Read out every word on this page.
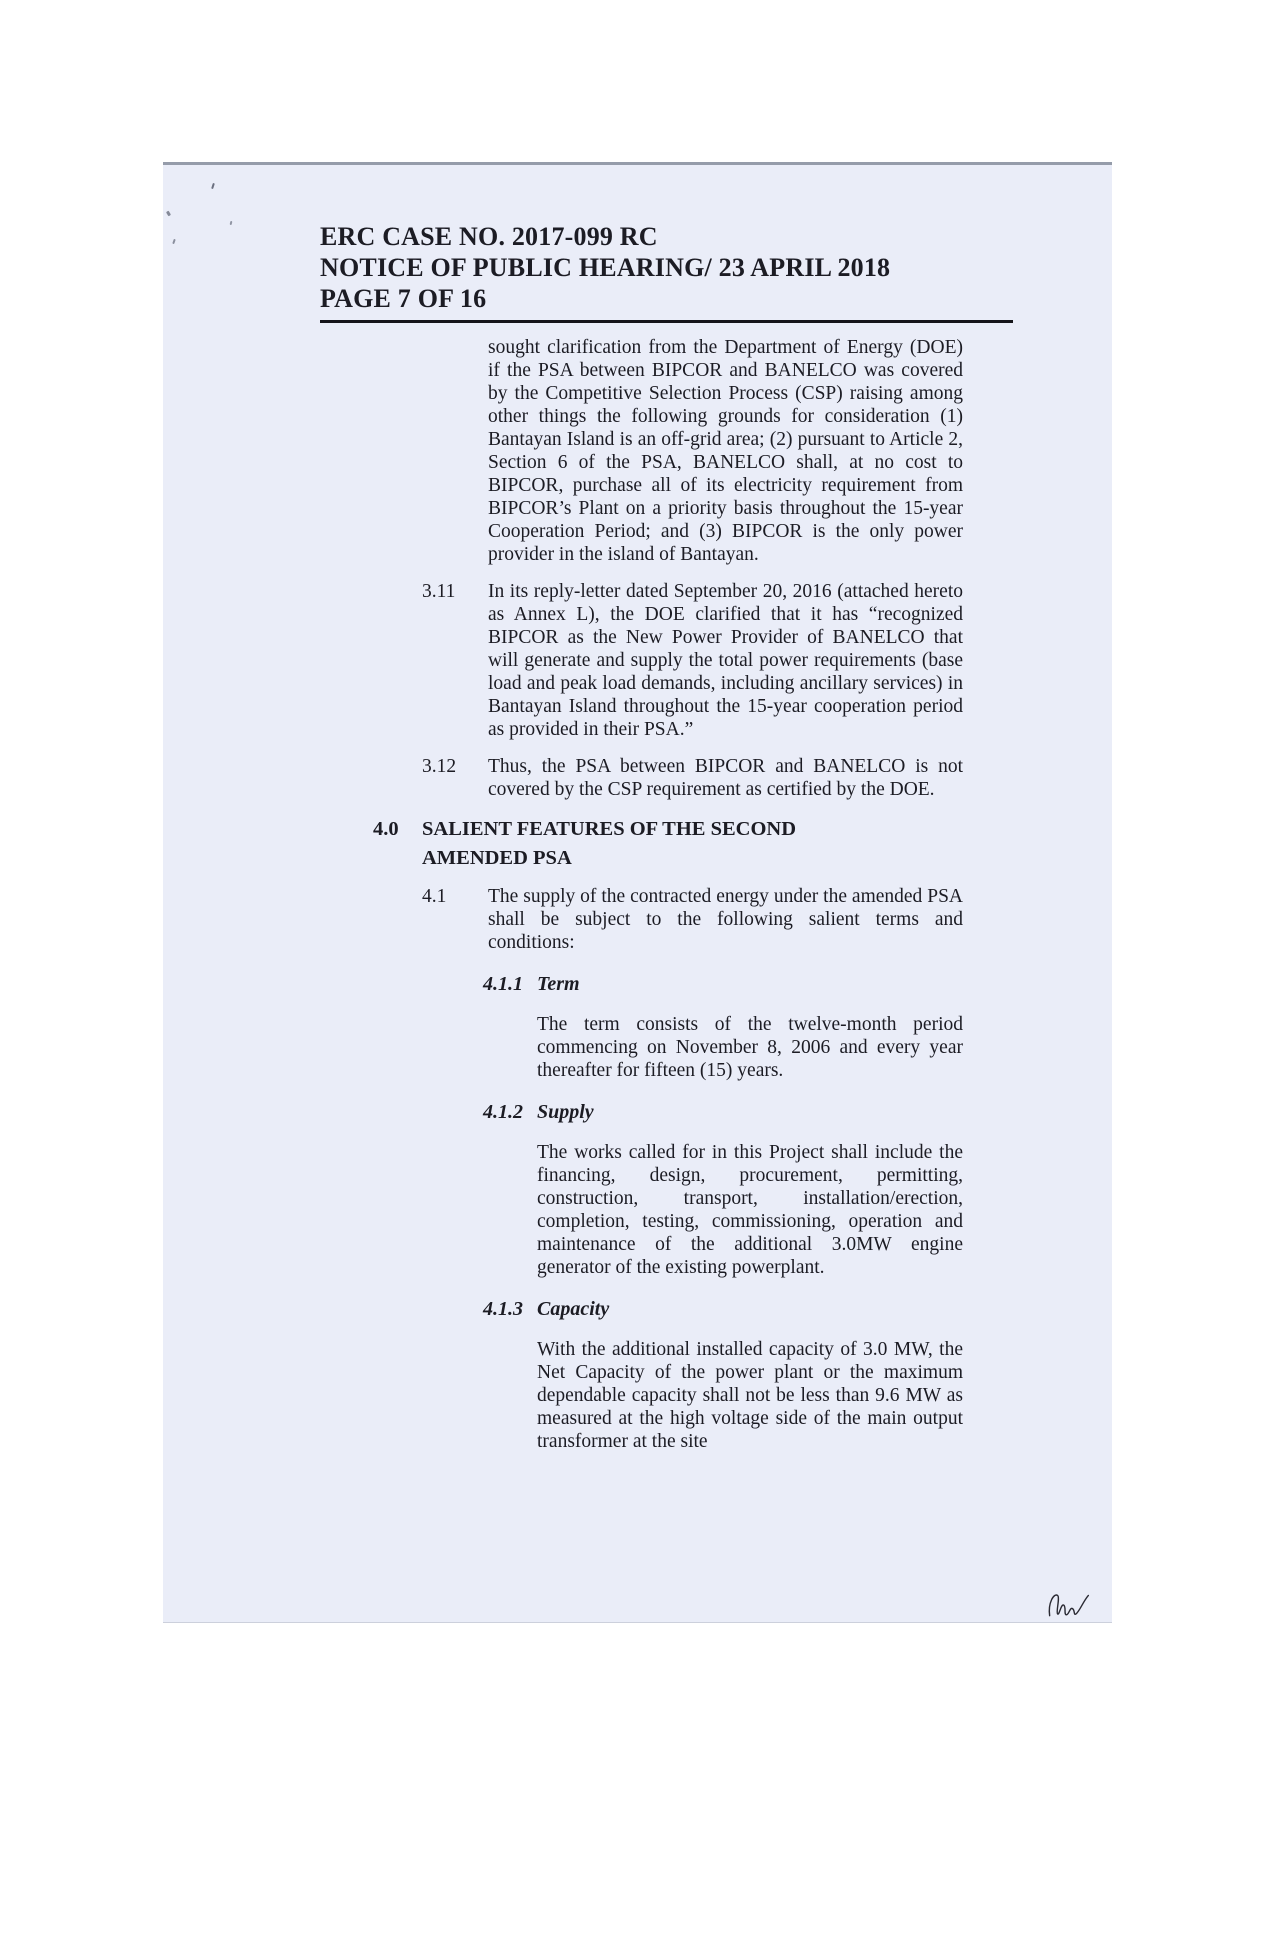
ERC CASE NO. 2017-099 RC
NOTICE OF PUBLIC HEARING/ 23 APRIL 2018
PAGE 7 OF 16
sought clarification from the Department of Energy (DOE) if the PSA between BIPCOR and BANELCO was covered by the Competitive Selection Process (CSP) raising among other things the following grounds for consideration (1) Bantayan Island is an off-grid area; (2) pursuant to Article 2, Section 6 of the PSA, BANELCO shall, at no cost to BIPCOR, purchase all of its electricity requirement from BIPCOR’s Plant on a priority basis throughout the 15-year Cooperation Period; and (3) BIPCOR is the only power provider in the island of Bantayan.
3.11	In its reply-letter dated September 20, 2016 (attached hereto as Annex L), the DOE clarified that it has “recognized BIPCOR as the New Power Provider of BANELCO that will generate and supply the total power requirements (base load and peak load demands, including ancillary services) in Bantayan Island throughout the 15-year cooperation period as provided in their PSA.”
3.12	Thus, the PSA between BIPCOR and BANELCO is not covered by the CSP requirement as certified by the DOE.
4.0	SALIENT FEATURES OF THE SECOND AMENDED PSA
4.1	The supply of the contracted energy under the amended PSA shall be subject to the following salient terms and conditions:
4.1.1 Term
The term consists of the twelve-month period commencing on November 8, 2006 and every year thereafter for fifteen (15) years.
4.1.2 Supply
The works called for in this Project shall include the financing, design, procurement, permitting, construction, transport, installation/erection, completion, testing, commissioning, operation and maintenance of the additional 3.0MW engine generator of the existing powerplant.
4.1.3 Capacity
With the additional installed capacity of 3.0 MW, the Net Capacity of the power plant or the maximum dependable capacity shall not be less than 9.6 MW as measured at the high voltage side of the main output transformer at the site
